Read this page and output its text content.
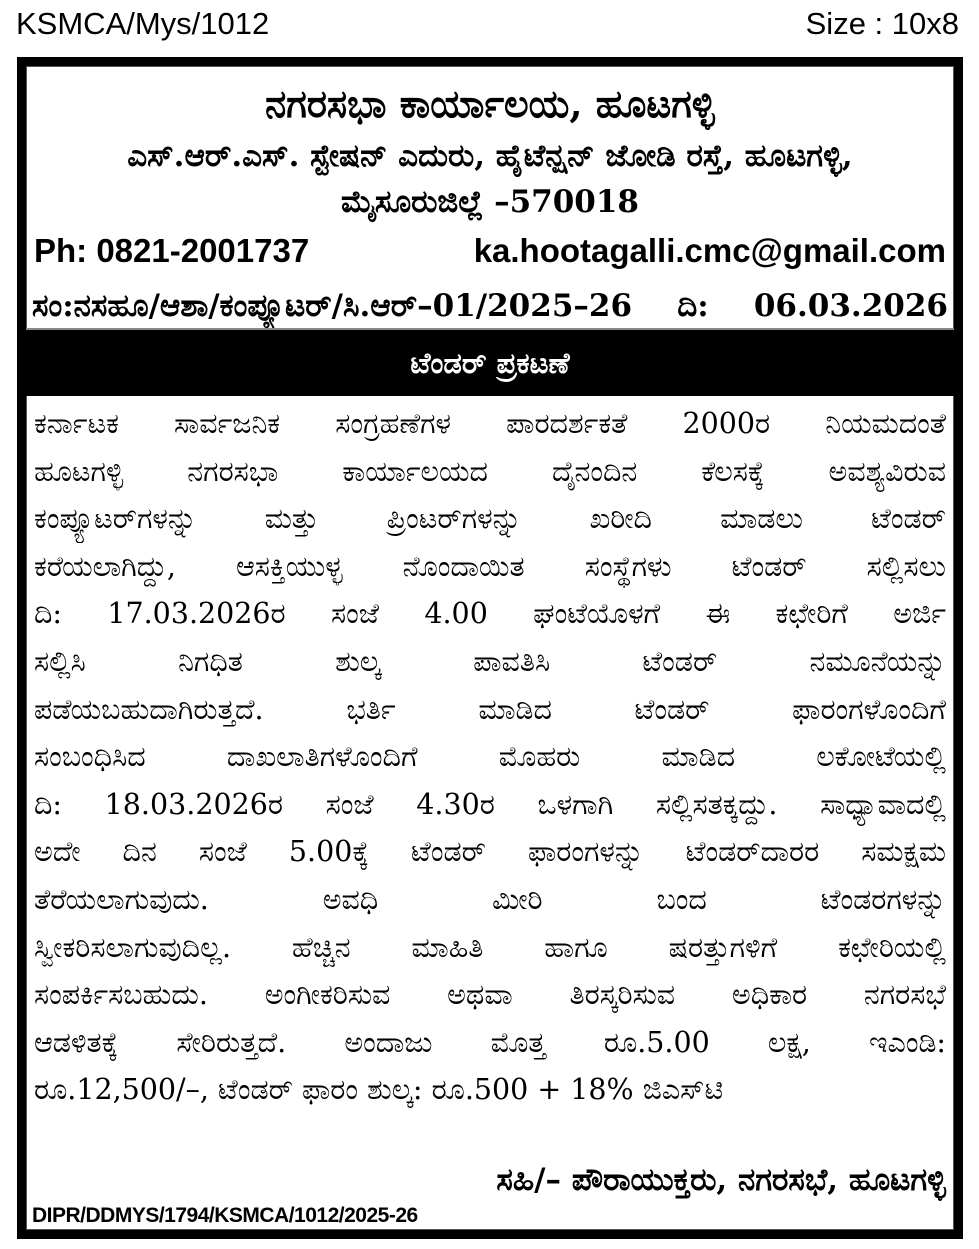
KSMCA/Mys/1012	Size : 10x8
ನಗರಸಭಾ ಕಾರ್ಯಾಲಯ, ಹೂಟಗಳ್ಳಿ
ಎಸ್.ಆರ್.ಎಸ್. ಸ್ಟೇಷನ್ ಎದುರು, ಹೈಟೆನ್ಷನ್ ಜೋಡಿ ರಸ್ತೆ, ಹೂಟಗಳ್ಳಿ,
ಮೈಸೂರುಜಿಲ್ಲೆ –570018
Ph: 0821-2001737	ka.hootagalli.cmc@gmail.com
ಸಂ:ನಸಹೂ/ಆಶಾ/ಕಂಪ್ಯೂಟರ್/ಸಿ.ಆರ್–01/2025–26 ದಿ: 06.03.2026
ಟೆಂಡರ್ ಪ್ರಕಟಣೆ
ಕರ್ನಾಟಕ ಸಾರ್ವಜನಿಕ ಸಂಗ್ರಹಣೆಗಳ ಪಾರದರ್ಶಕತೆ 2000ರ ನಿಯಮದಂತೆ
ಹೂಟಗಳ್ಳಿ ನಗರಸಭಾ ಕಾರ್ಯಾಲಯದ ದೈನಂದಿನ ಕೆಲಸಕ್ಕೆ ಅವಶ್ಯವಿರುವ
ಕಂಪ್ಯೂಟರ್‌ಗಳನ್ನು ಮತ್ತು ಪ್ರಿಂಟರ್‌ಗಳನ್ನು ಖರೀದಿ ಮಾಡಲು ಟೆಂಡರ್
ಕರೆಯಲಾಗಿದ್ದು, ಆಸಕ್ತಿಯುಳ್ಳ ನೊಂದಾಯಿತ ಸಂಸ್ಥೆಗಳು ಟೆಂಡರ್ ಸಲ್ಲಿಸಲು
ದಿ: 17.03.2026ರ ಸಂಜೆ 4.00 ಘಂಟೆಯೊಳಗೆ ಈ ಕಛೇರಿಗೆ ಅರ್ಜಿ
ಸಲ್ಲಿಸಿ ನಿಗಧಿತ ಶುಲ್ಕ ಪಾವತಿಸಿ ಟೆಂಡರ್ ನಮೂನೆಯನ್ನು
ಪಡೆಯಬಹುದಾಗಿರುತ್ತದೆ. ಭರ್ತಿ ಮಾಡಿದ ಟೆಂಡರ್ ಫಾರಂಗಳೊಂದಿಗೆ
ಸಂಬಂಧಿಸಿದ ದಾಖಲಾತಿಗಳೊಂದಿಗೆ ಮೊಹರು ಮಾಡಿದ ಲಕೋಟೆಯಲ್ಲಿ
ದಿ: 18.03.2026ರ ಸಂಜೆ 4.30ರ ಒಳಗಾಗಿ ಸಲ್ಲಿಸತಕ್ಕದ್ದು. ಸಾಧ್ಯಾವಾದಲ್ಲಿ
ಅದೇ ದಿನ ಸಂಜೆ 5.00ಕ್ಕೆ ಟೆಂಡರ್ ಫಾರಂಗಳನ್ನು ಟೆಂಡರ್‌ದಾರರ ಸಮಕ್ಷಮ
ತೆರೆಯಲಾಗುವುದು. ಅವಧಿ ಮೀರಿ ಬಂದ ಟೆಂಡರಗಳನ್ನು
ಸ್ವೀಕರಿಸಲಾಗುವುದಿಲ್ಲ. ಹೆಚ್ಚಿನ ಮಾಹಿತಿ ಹಾಗೂ ಷರತ್ತುಗಳಿಗೆ ಕಛೇರಿಯಲ್ಲಿ
ಸಂಪರ್ಕಿಸಬಹುದು. ಅಂಗೀಕರಿಸುವ ಅಥವಾ ತಿರಸ್ಕರಿಸುವ ಅಧಿಕಾರ ನಗರಸಭೆ
ಆಡಳಿತಕ್ಕೆ ಸೇರಿರುತ್ತದೆ. ಅಂದಾಜು ಮೊತ್ತ ರೂ.5.00 ಲಕ್ಷ, ಇಎಂಡಿ:
ರೂ.12,500/–, ಟೆಂಡರ್ ಫಾರಂ ಶುಲ್ಕ: ರೂ.500 + 18% ಜಿಎಸ್‌ಟಿ
ಸಹಿ/– ಪೌರಾಯುಕ್ತರು, ನಗರಸಭೆ, ಹೂಟಗಳ್ಳಿ
DIPR/DDMYS/1794/KSMCA/1012/2025-26
